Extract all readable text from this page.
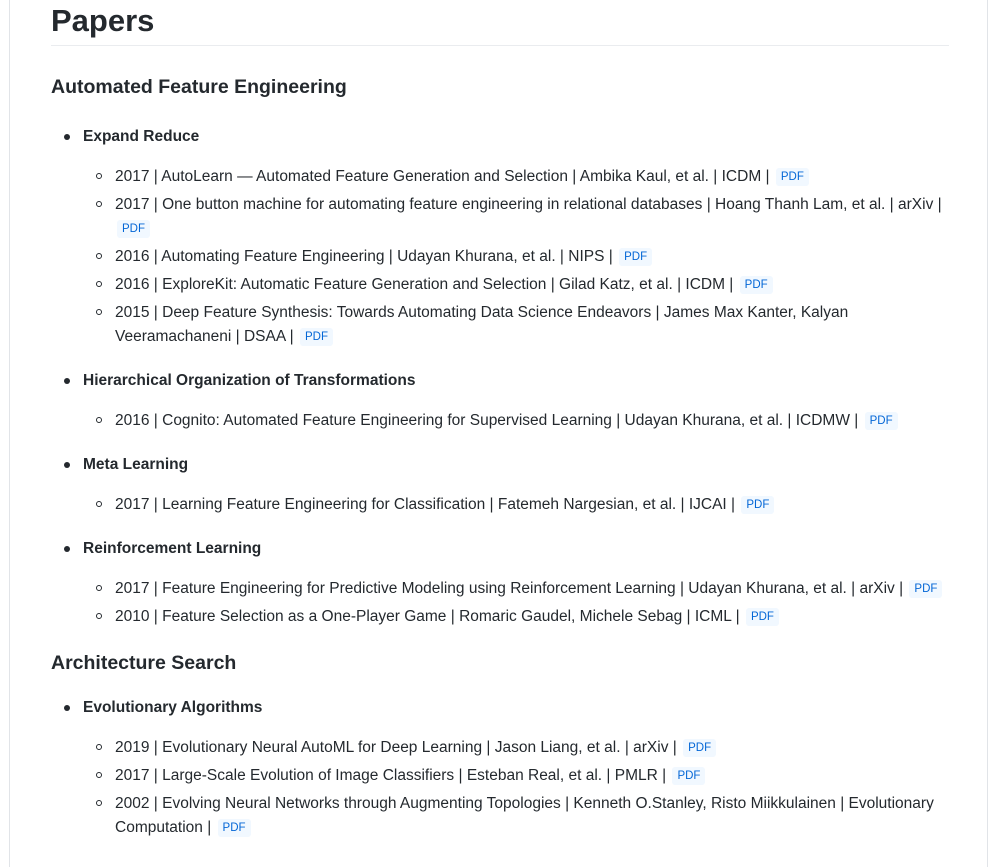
Papers
Automated Feature Engineering
Expand Reduce
2017 | AutoLearn — Automated Feature Generation and Selection | Ambika Kaul, et al. | ICDM | PDF
2017 | One button machine for automating feature engineering in relational databases | Hoang Thanh Lam, et al. | arXiv | PDF
2016 | Automating Feature Engineering | Udayan Khurana, et al. | NIPS | PDF
2016 | ExploreKit: Automatic Feature Generation and Selection | Gilad Katz, et al. | ICDM | PDF
2015 | Deep Feature Synthesis: Towards Automating Data Science Endeavors | James Max Kanter, Kalyan Veeramachaneni | DSAA | PDF
Hierarchical Organization of Transformations
2016 | Cognito: Automated Feature Engineering for Supervised Learning | Udayan Khurana, et al. | ICDMW | PDF
Meta Learning
2017 | Learning Feature Engineering for Classification | Fatemeh Nargesian, et al. | IJCAI | PDF
Reinforcement Learning
2017 | Feature Engineering for Predictive Modeling using Reinforcement Learning | Udayan Khurana, et al. | arXiv | PDF
2010 | Feature Selection as a One-Player Game | Romaric Gaudel, Michele Sebag | ICML | PDF
Architecture Search
Evolutionary Algorithms
2019 | Evolutionary Neural AutoML for Deep Learning | Jason Liang, et al. | arXiv | PDF
2017 | Large-Scale Evolution of Image Classifiers | Esteban Real, et al. | PMLR | PDF
2002 | Evolving Neural Networks through Augmenting Topologies | Kenneth O.Stanley, Risto Miikkulainen | Evolutionary Computation | PDF
